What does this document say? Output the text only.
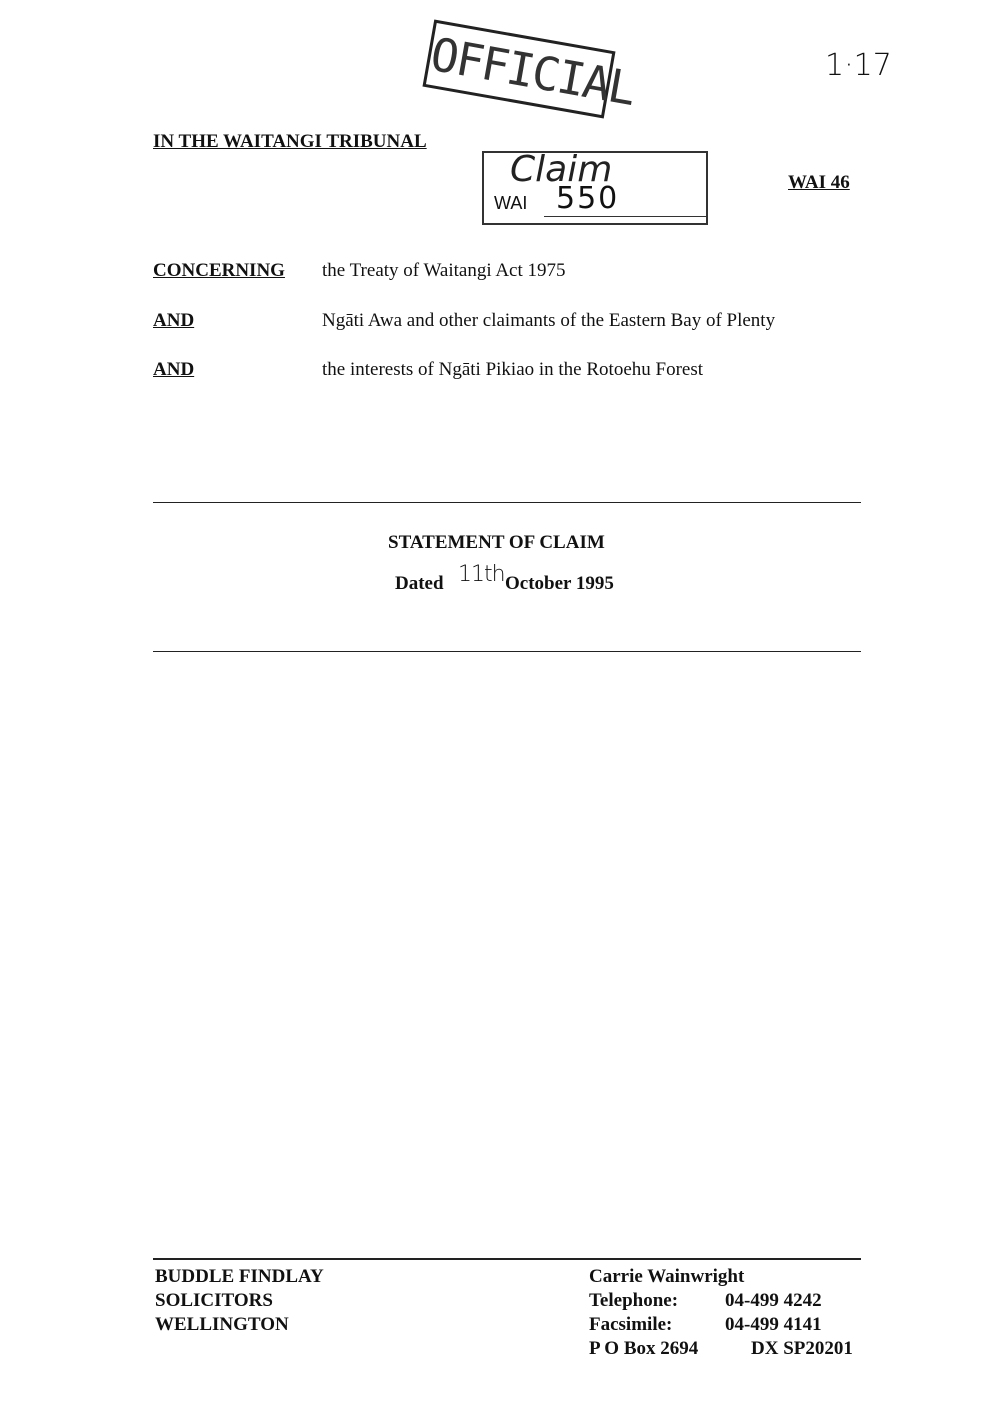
OFFICIAL	1·17
IN THE WAITANGI TRIBUNAL
Claim
WAI 550	WAI 46
CONCERNING the Treaty of Waitangi Act 1975
AND	Ngāti Awa and other claimants of the Eastern Bay of Plenty
AND	the interests of Ngāti Pikiao in the Rotoehu Forest
STATEMENT OF CLAIM
Dated 11th October 1995
BUDDLE FINDLAY
SOLICITORS
WELLINGTON
Carrie Wainwright
Telephone: 04-499 4242
Facsimile:	04-499 4141
P O Box 2694	DX SP20201
